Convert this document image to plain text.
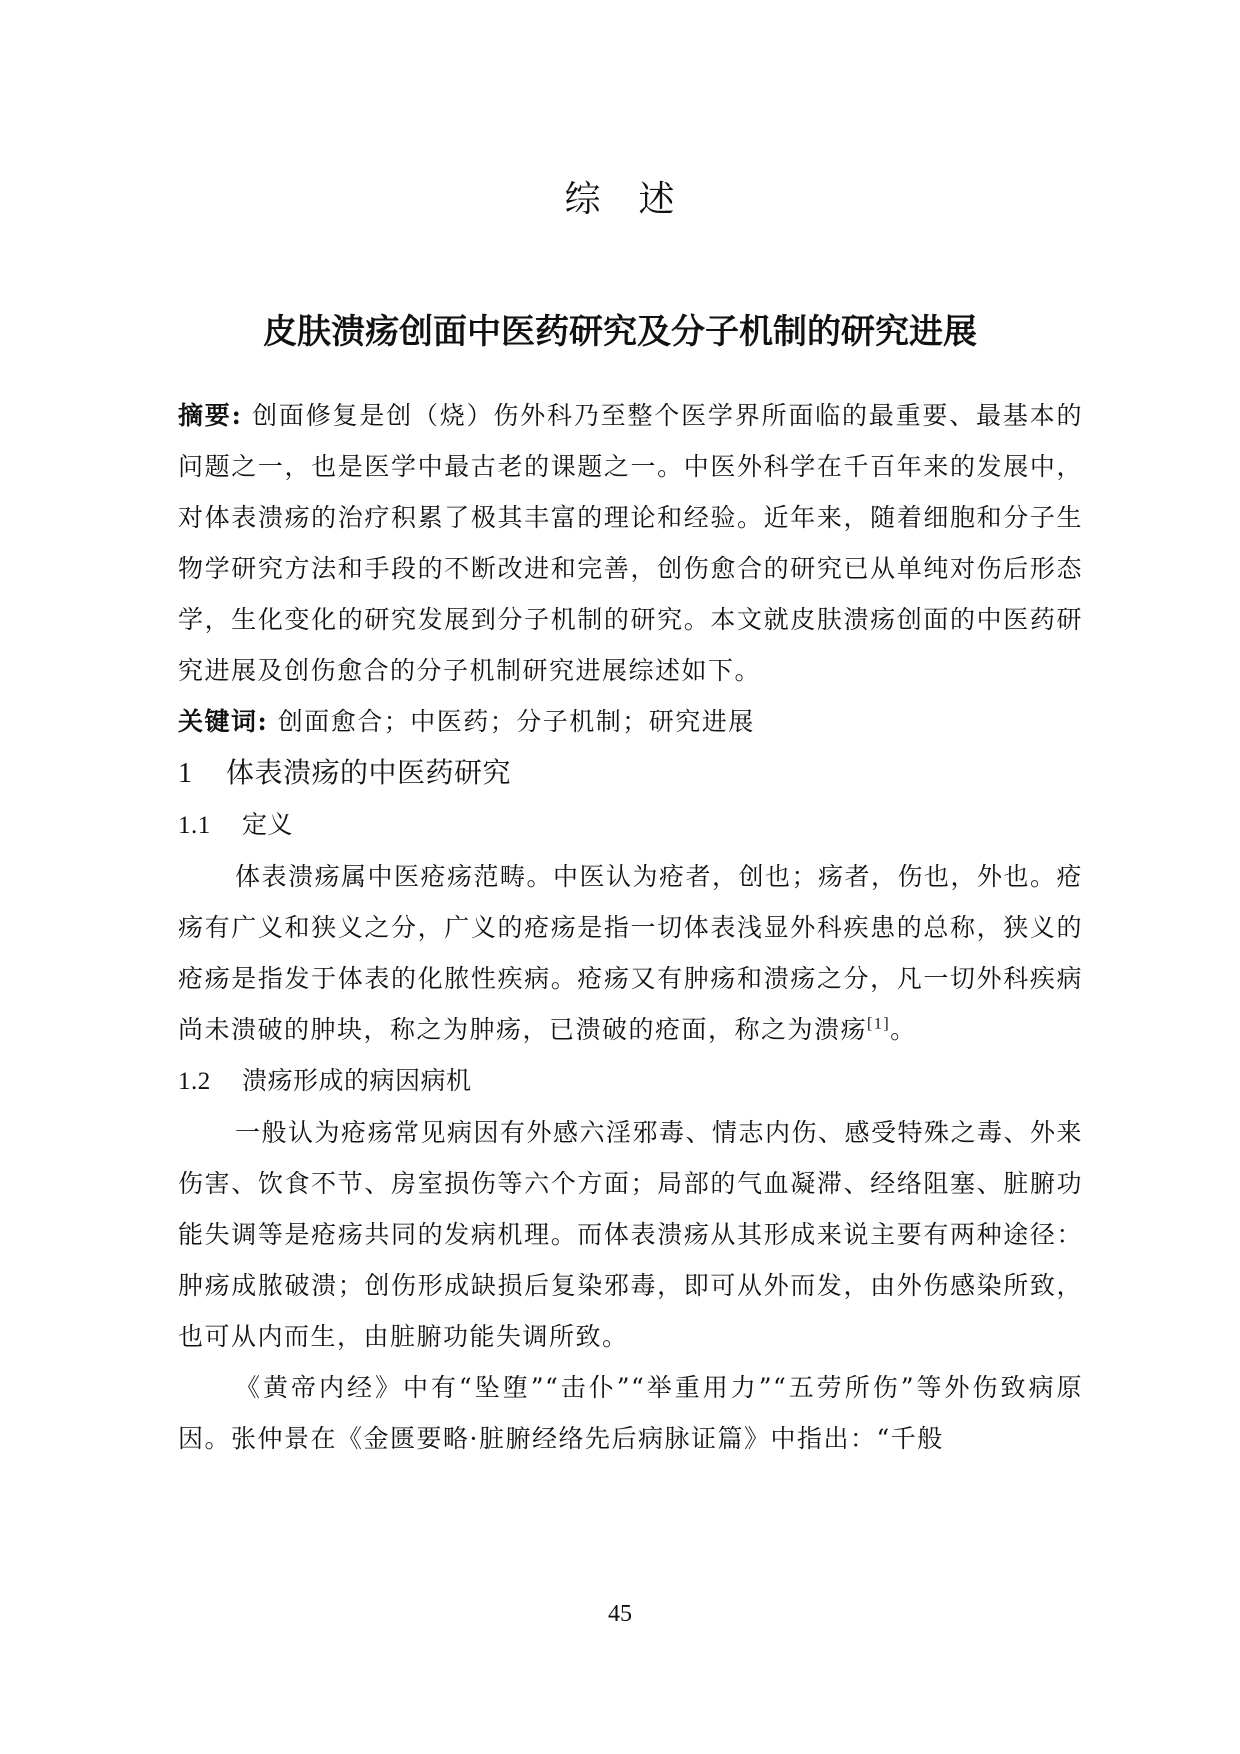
综　述
皮肤溃疡创面中医药研究及分子机制的研究进展

摘要: 创面修复是创（烧）伤外科乃至整个医学界所面临的最重要、最基本的问题之一，也是医学中最古老的课题之一。中医外科学在千百年来的发展中，对体表溃疡的治疗积累了极其丰富的理论和经验。近年来，随着细胞和分子生物学研究方法和手段的不断改进和完善，创伤愈合的研究已从单纯对伤后形态学，生化变化的研究发展到分子机制的研究。本文就皮肤溃疡创面的中医药研究进展及创伤愈合的分子机制研究进展综述如下。

关键词: 创面愈合；中医药；分子机制；研究进展

1 体表溃疡的中医药研究
1.1 定义

体表溃疡属中医疮疡范畴。中医认为疮者，创也；疡者，伤也，外也。疮疡有广义和狭义之分，广义的疮疡是指一切体表浅显外科疾患的总称，狭义的疮疡是指发于体表的化脓性疾病。疮疡又有肿疡和溃疡之分，凡一切外科疾病尚未溃破的肿块，称之为肿疡，已溃破的疮面，称之为溃疡[1]。

1.2 溃疡形成的病因病机

一般认为疮疡常见病因有外感六淫邪毒、情志内伤、感受特殊之毒、外来伤害、饮食不节、房室损伤等六个方面；局部的气血凝滞、经络阻塞、脏腑功能失调等是疮疡共同的发病机理。而体表溃疡从其形成来说主要有两种途径：肿疡成脓破溃；创伤形成缺损后复染邪毒，即可从外而发，由外伤感染所致，也可从内而生，由脏腑功能失调所致。

《黄帝内经》中有“坠堕”“击仆”“举重用力”“五劳所伤”等外伤致病原因。张仲景在《金匮要略·脏腑经络先后病脉证篇》中指出：“千般

45
